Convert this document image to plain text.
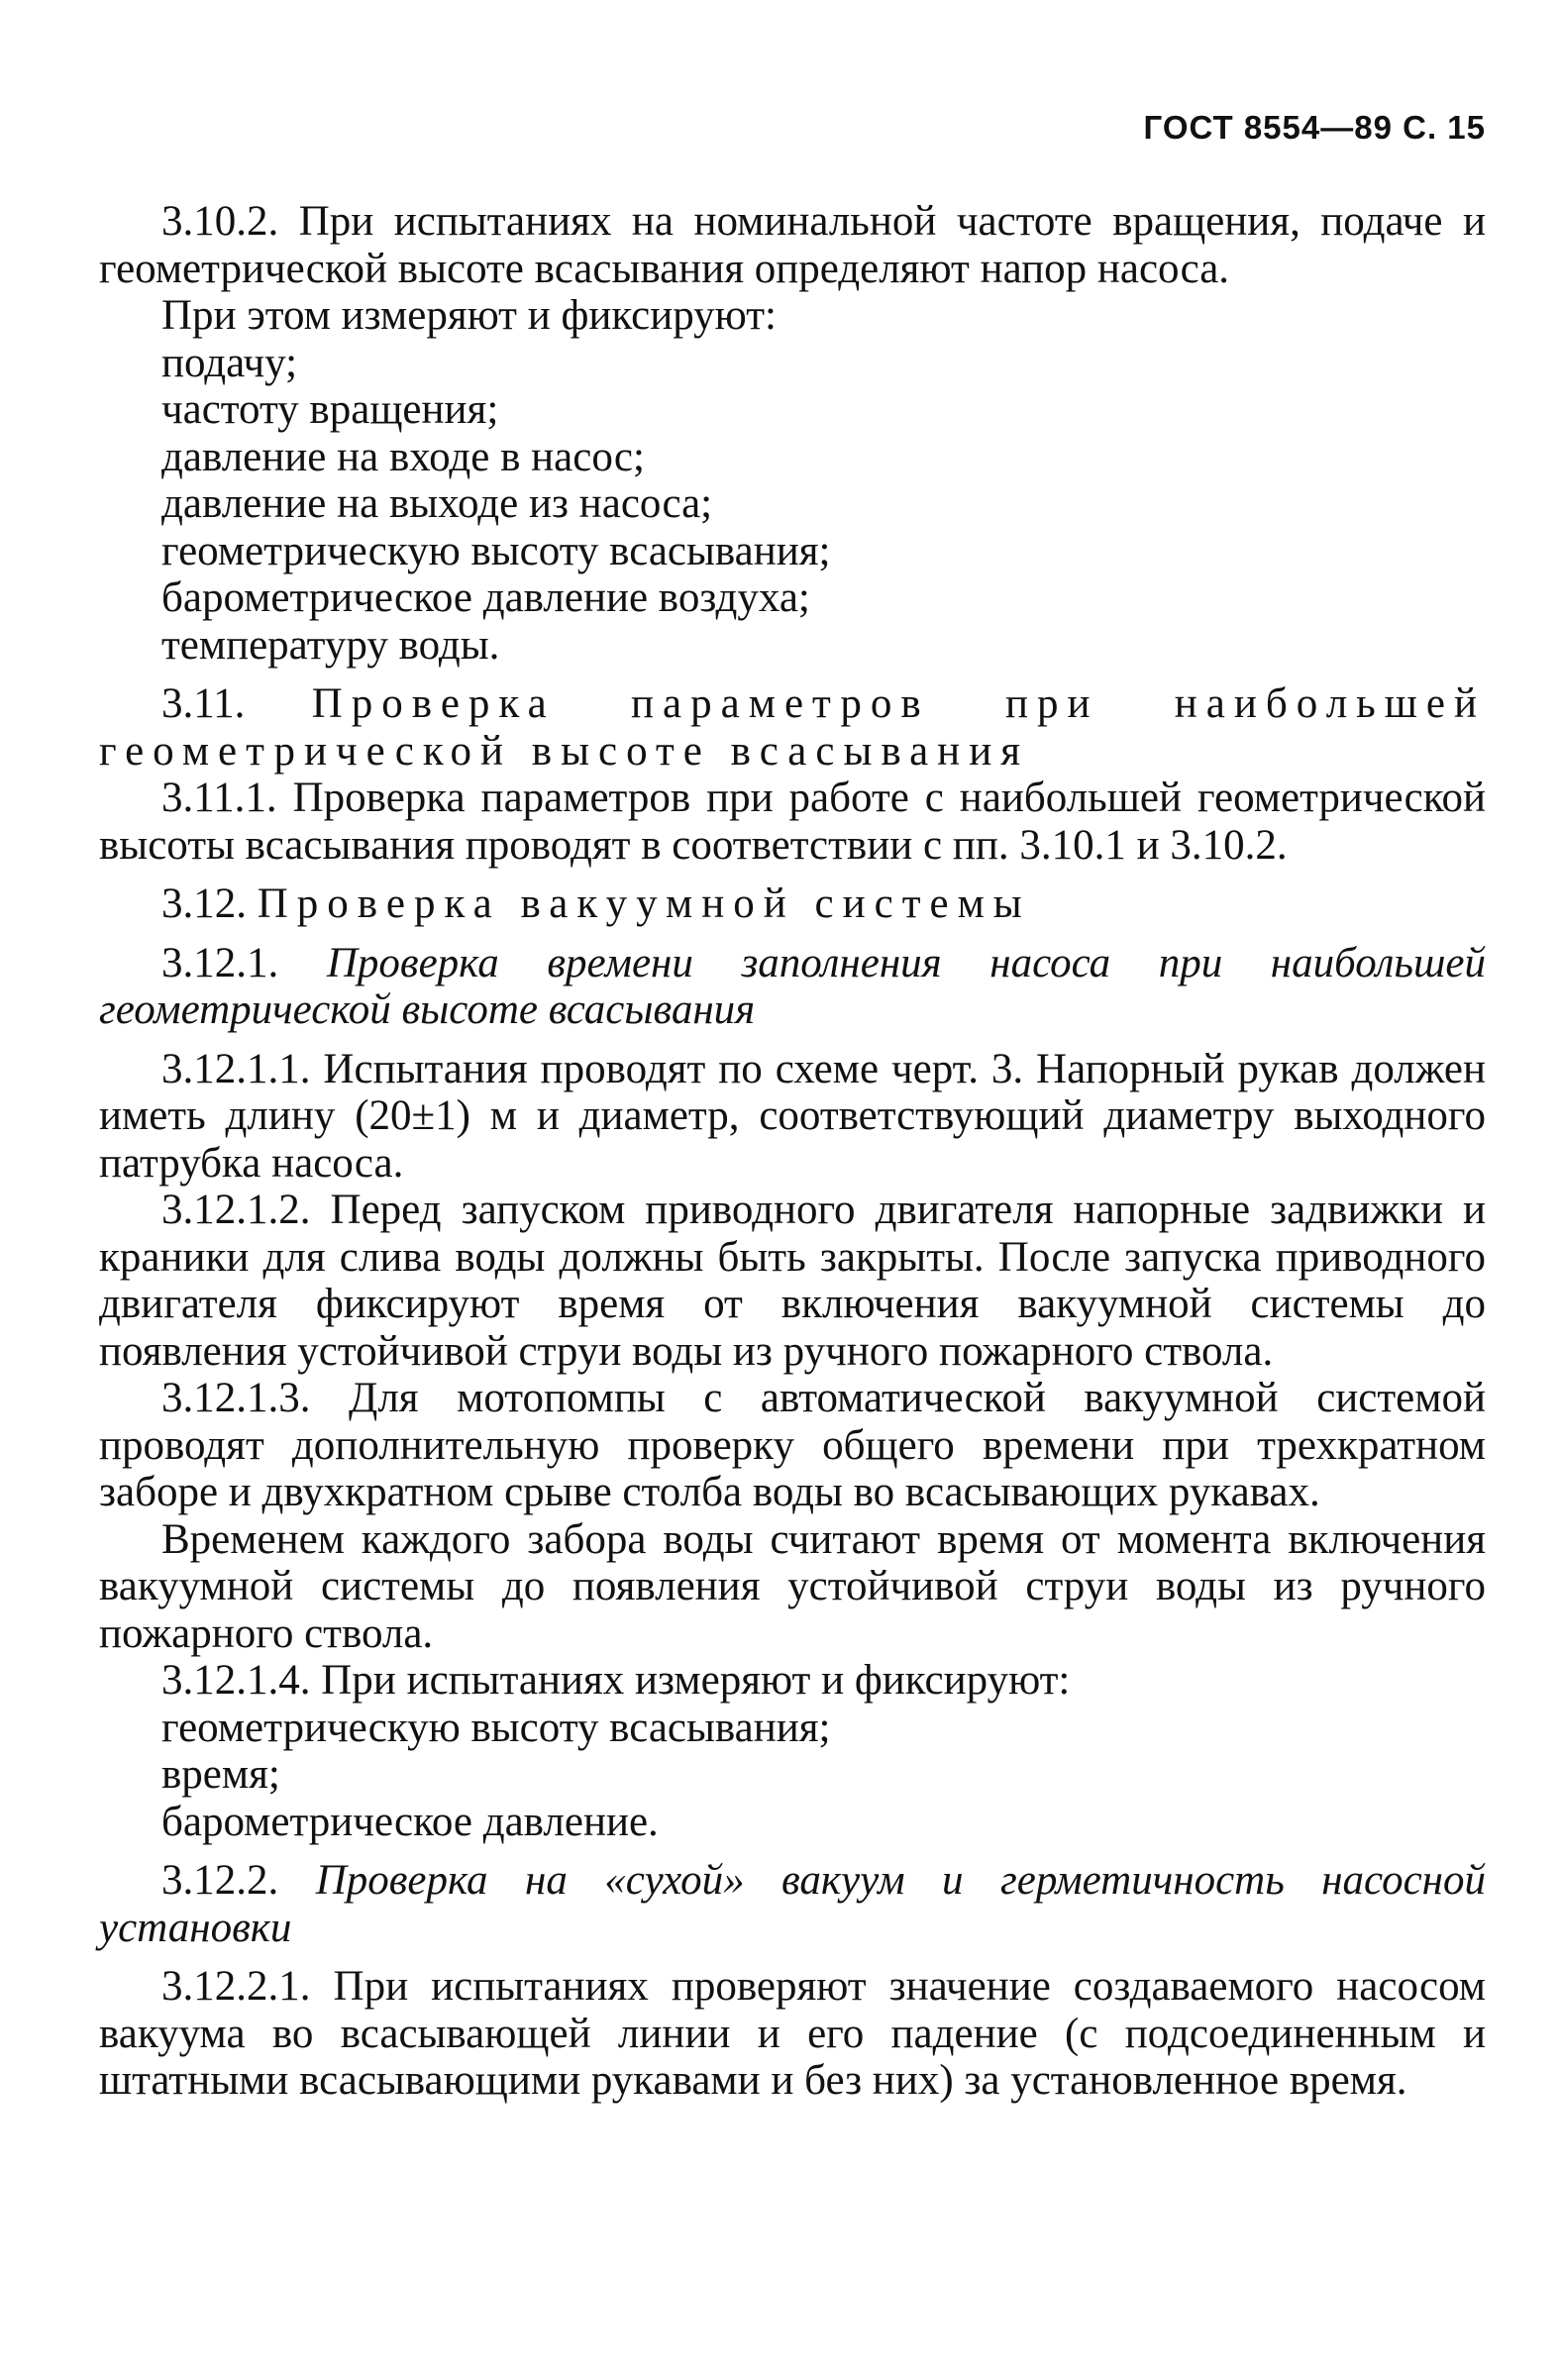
ГОСТ 8554—89 С. 15

3.10.2. При испытаниях на номинальной частоте вращения, подаче и геометрической высоте всасывания определяют напор насоса.

При этом измеряют и фиксируют:

подачу;

частоту вращения;

давление на входе в насос;

давление на выходе из насоса;

геометрическую высоту всасывания;

барометрическое давление воздуха;

температуру воды.

3.11. Проверка параметров при наибольшей геометрической высоте всасывания

3.11.1. Проверка параметров при работе с наибольшей геометрической высоты всасывания проводят в соответствии с пп. 3.10.1 и 3.10.2.

3.12. Проверка вакуумной системы

3.12.1. Проверка времени заполнения насоса при наибольшей геометрической высоте всасывания

3.12.1.1. Испытания проводят по схеме черт. 3. Напорный рукав должен иметь длину (20±1) м и диаметр, соответствующий диаметру выходного патрубка насоса.

3.12.1.2. Перед запуском приводного двигателя напорные задвижки и краники для слива воды должны быть закрыты. После запуска приводного двигателя фиксируют время от включения вакуумной системы до появления устойчивой струи воды из ручного пожарного ствола.

3.12.1.3. Для мотопомпы с автоматической вакуумной системой проводят дополнительную проверку общего времени при трехкратном заборе и двухкратном срыве столба воды во всасывающих рукавах.

Временем каждого забора воды считают время от момента включения вакуумной системы до появления устойчивой струи воды из ручного пожарного ствола.

3.12.1.4. При испытаниях измеряют и фиксируют:

геометрическую высоту всасывания;

время;

барометрическое давление.

3.12.2. Проверка на «сухой» вакуум и герметичность насосной установки

3.12.2.1. При испытаниях проверяют значение создаваемого насосом вакуума во всасывающей линии и его падение (с подсоединенным и штатными всасывающими рукавами и без них) за установленное время.
